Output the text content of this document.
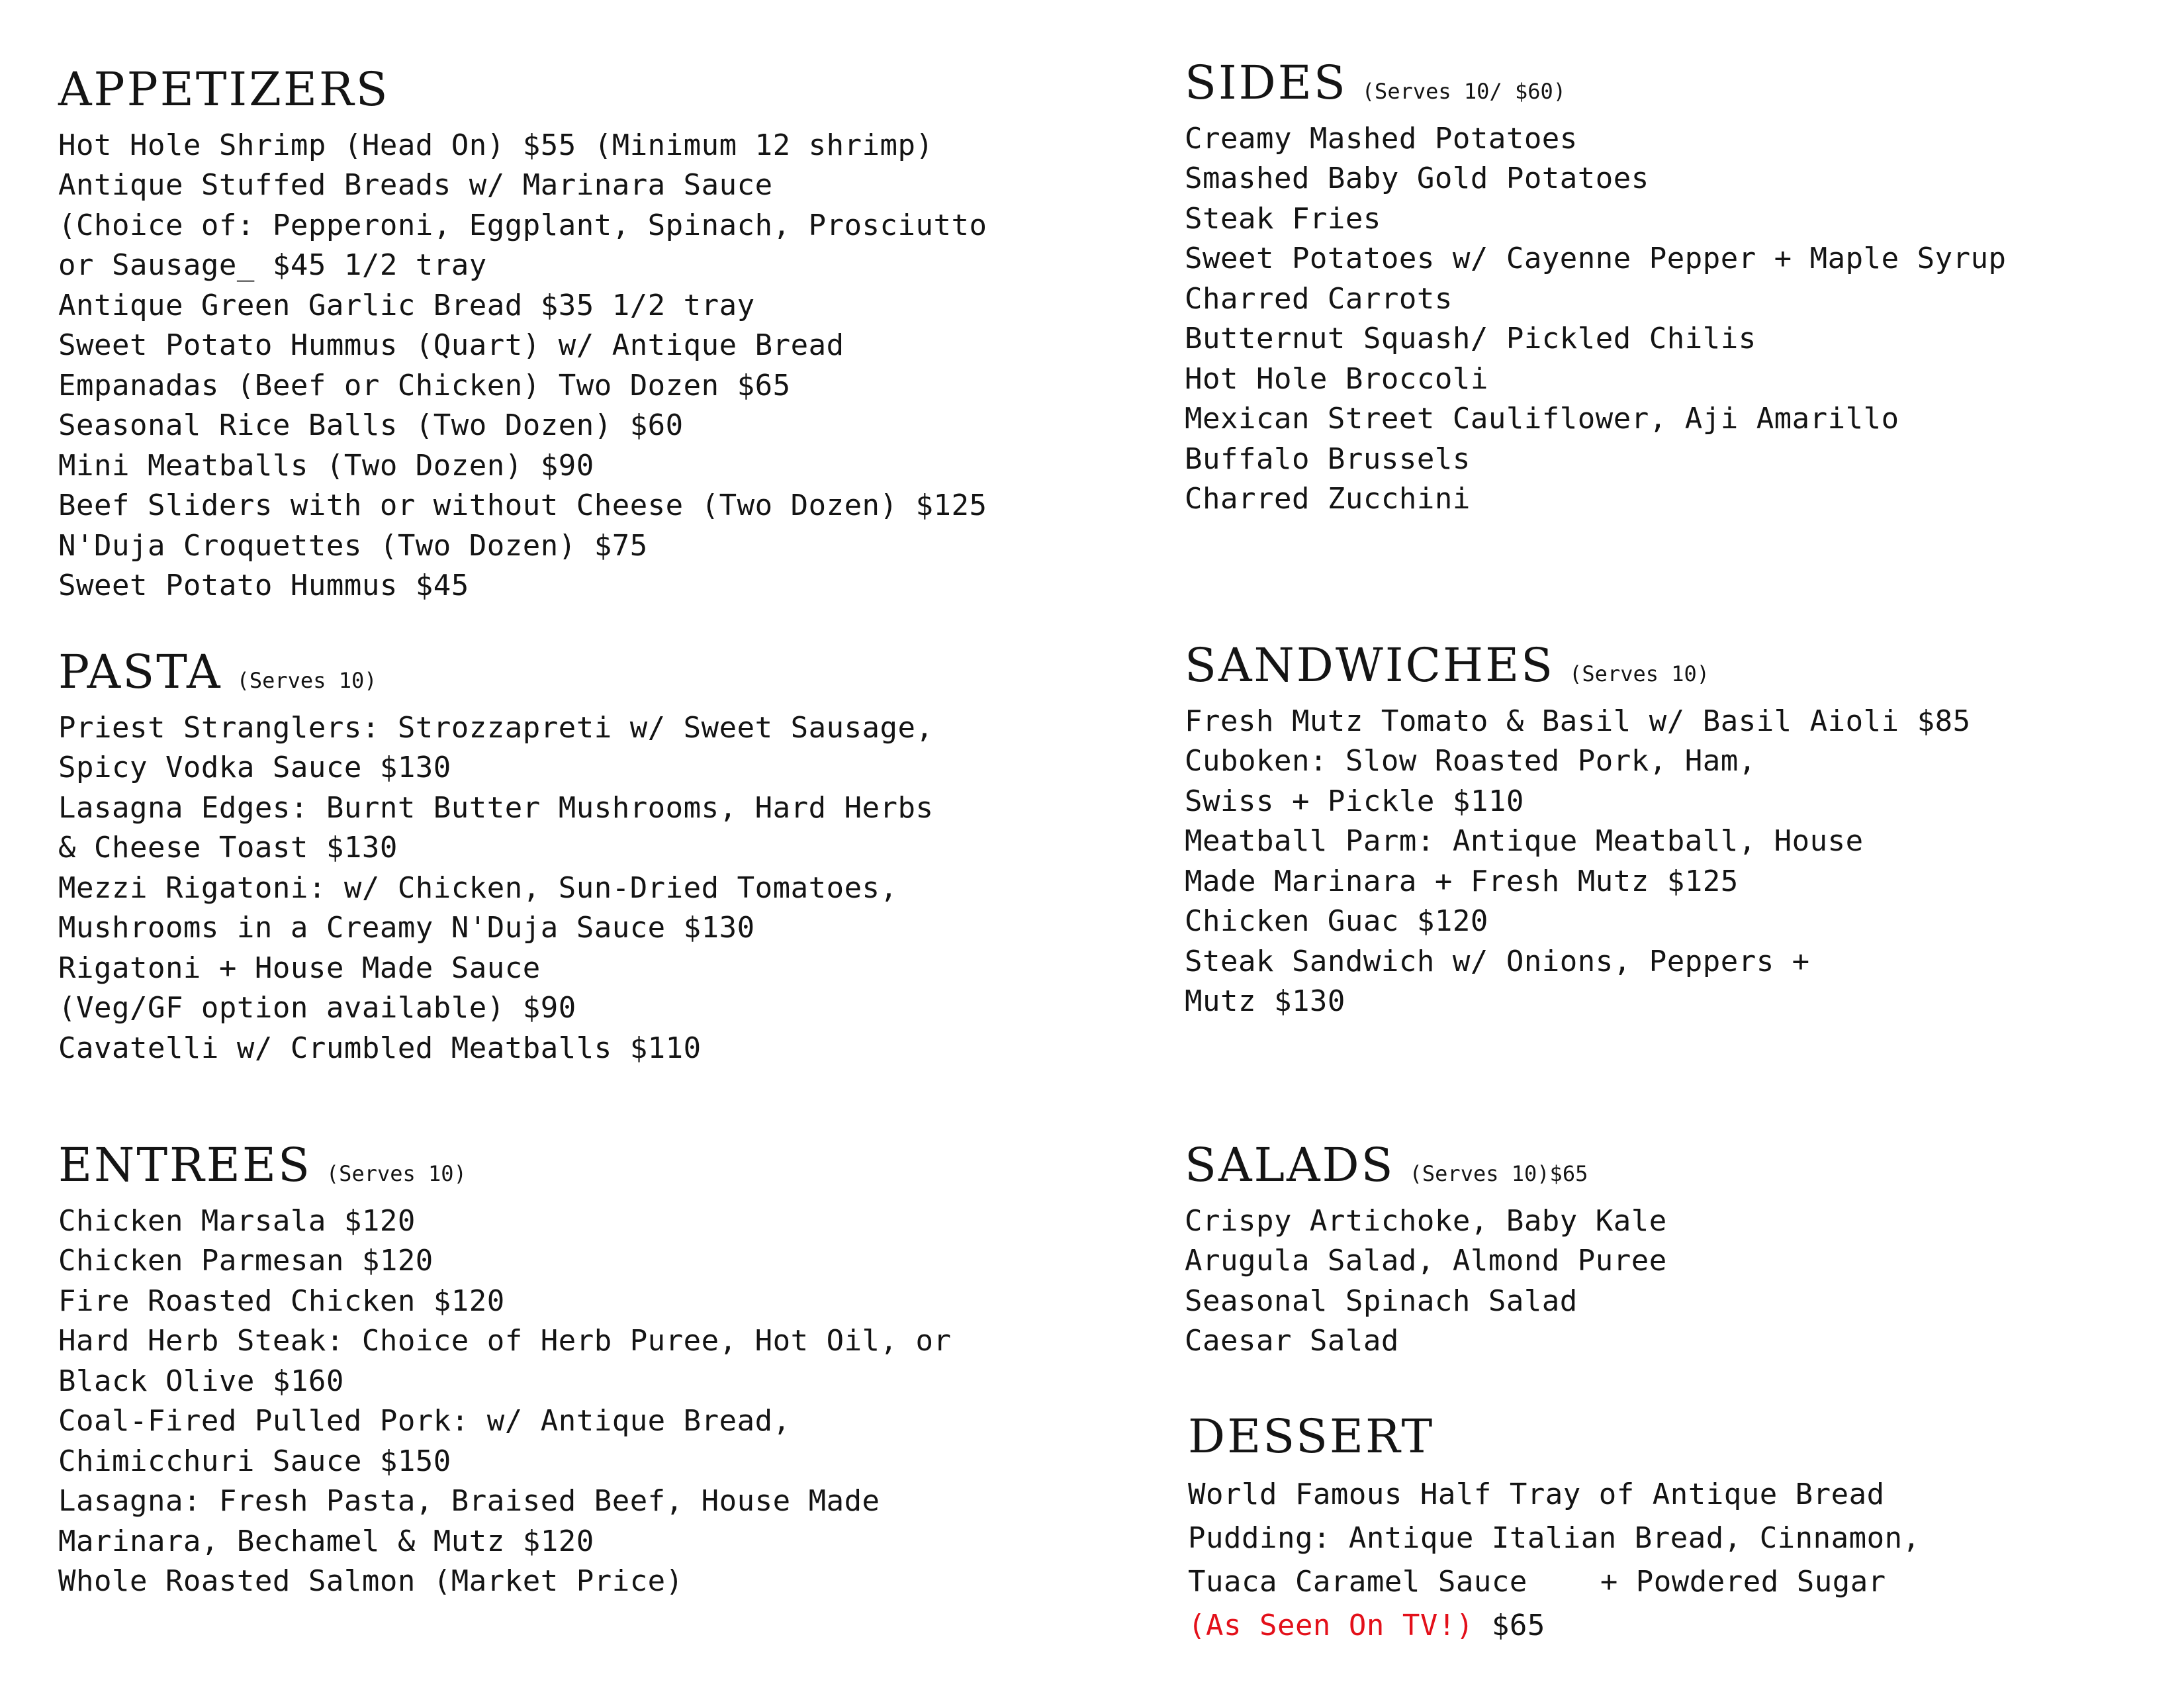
APPETIZERS
Hot Hole Shrimp (Head On) $55 (Minimum 12 shrimp)
Antique Stuffed Breads w/ Marinara Sauce
(Choice of: Pepperoni, Eggplant, Spinach, Prosciutto
or Sausage_ $45 1/2 tray
Antique Green Garlic Bread $35 1/2 tray
Sweet Potato Hummus (Quart) w/ Antique Bread
Empanadas (Beef or Chicken) Two Dozen $65
Seasonal Rice Balls (Two Dozen) $60
Mini Meatballs (Two Dozen) $90
Beef Sliders with or without Cheese (Two Dozen) $125
N'Duja Croquettes (Two Dozen) $75
Sweet Potato Hummus $45
PASTA (Serves 10)
Priest Stranglers: Strozzapreti w/ Sweet Sausage,
Spicy Vodka Sauce $130
Lasagna Edges: Burnt Butter Mushrooms, Hard Herbs
& Cheese Toast $130
Mezzi Rigatoni: w/ Chicken, Sun-Dried Tomatoes,
Mushrooms in a Creamy N'Duja Sauce $130
Rigatoni + House Made Sauce
(Veg/GF option available) $90
Cavatelli w/ Crumbled Meatballs $110
ENTREES (Serves 10)
Chicken Marsala $120
Chicken Parmesan $120
Fire Roasted Chicken $120
Hard Herb Steak: Choice of Herb Puree, Hot Oil, or
Black Olive $160
Coal-Fired Pulled Pork: w/ Antique Bread,
Chimicchuri Sauce $150
Lasagna: Fresh Pasta, Braised Beef, House Made
Marinara, Bechamel & Mutz $120
Whole Roasted Salmon (Market Price)
SIDES (Serves 10/ $60)
Creamy Mashed Potatoes
Smashed Baby Gold Potatoes
Steak Fries
Sweet Potatoes w/ Cayenne Pepper + Maple Syrup
Charred Carrots
Butternut Squash/ Pickled Chilis
Hot Hole Broccoli
Mexican Street Cauliflower, Aji Amarillo
Buffalo Brussels
Charred Zucchini
SANDWICHES (Serves 10)
Fresh Mutz Tomato & Basil w/ Basil Aioli $85
Cuboken: Slow Roasted Pork, Ham,
Swiss + Pickle $110
Meatball Parm: Antique Meatball, House
Made Marinara + Fresh Mutz $125
Chicken Guac $120
Steak Sandwich w/ Onions, Peppers +
Mutz $130
SALADS (Serves 10)$65
Crispy Artichoke, Baby Kale
Arugula Salad, Almond Puree
Seasonal Spinach Salad
Caesar Salad
DESSERT
World Famous Half Tray of Antique Bread
Pudding: Antique Italian Bread, Cinnamon,
Tuaca Caramel Sauce	+ Powdered Sugar
(As Seen On TV!) $65
